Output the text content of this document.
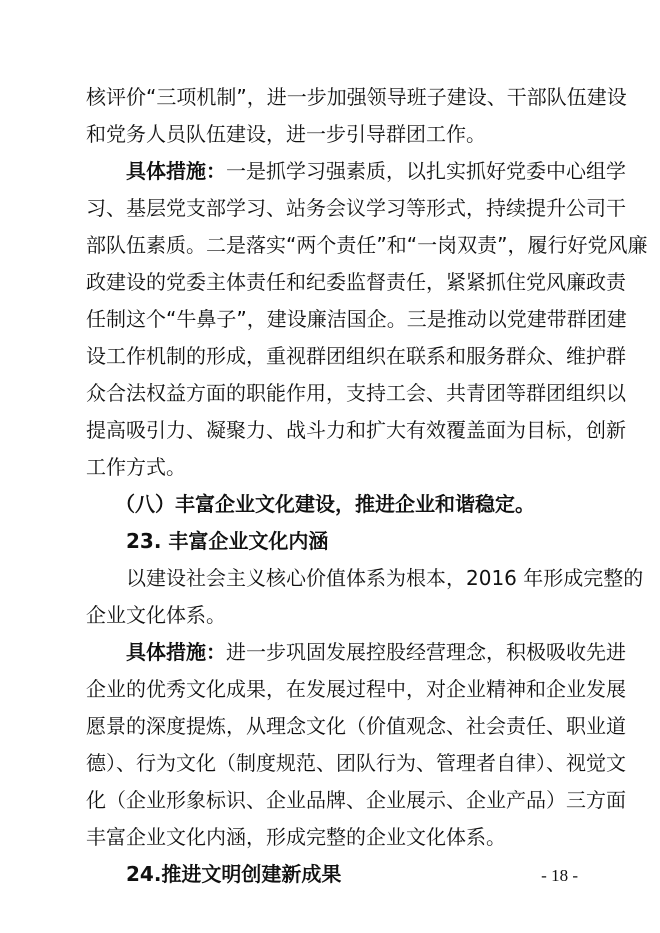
核评价“三项机制”，进一步加强领导班子建设、干部队伍建设
和党务人员队伍建设，进一步引导群团工作。
具体措施：一是抓学习强素质，以扎实抓好党委中心组学
习、基层党支部学习、站务会议学习等形式，持续提升公司干
部队伍素质。二是落实“两个责任”和“一岗双责”，履行好党风廉
政建设的党委主体责任和纪委监督责任，紧紧抓住党风廉政责
任制这个“牛鼻子”，建设廉洁国企。三是推动以党建带群团建
设工作机制的形成，重视群团组织在联系和服务群众、维护群
众合法权益方面的职能作用，支持工会、共青团等群团组织以
提高吸引力、凝聚力、战斗力和扩大有效覆盖面为目标，创新
工作方式。
（八）丰富企业文化建设，推进企业和谐稳定。
23. 丰富企业文化内涵
以建设社会主义核心价值体系为根本，2016 年形成完整的
企业文化体系。
具体措施：进一步巩固发展控股经营理念，积极吸收先进
企业的优秀文化成果，在发展过程中，对企业精神和企业发展
愿景的深度提炼，从理念文化（价值观念、社会责任、职业道
德）、行为文化（制度规范、团队行为、管理者自律）、视觉文
化（企业形象标识、企业品牌、企业展示、企业产品）三方面
丰富企业文化内涵，形成完整的企业文化体系。
24.推进文明创建新成果	- 18 -
